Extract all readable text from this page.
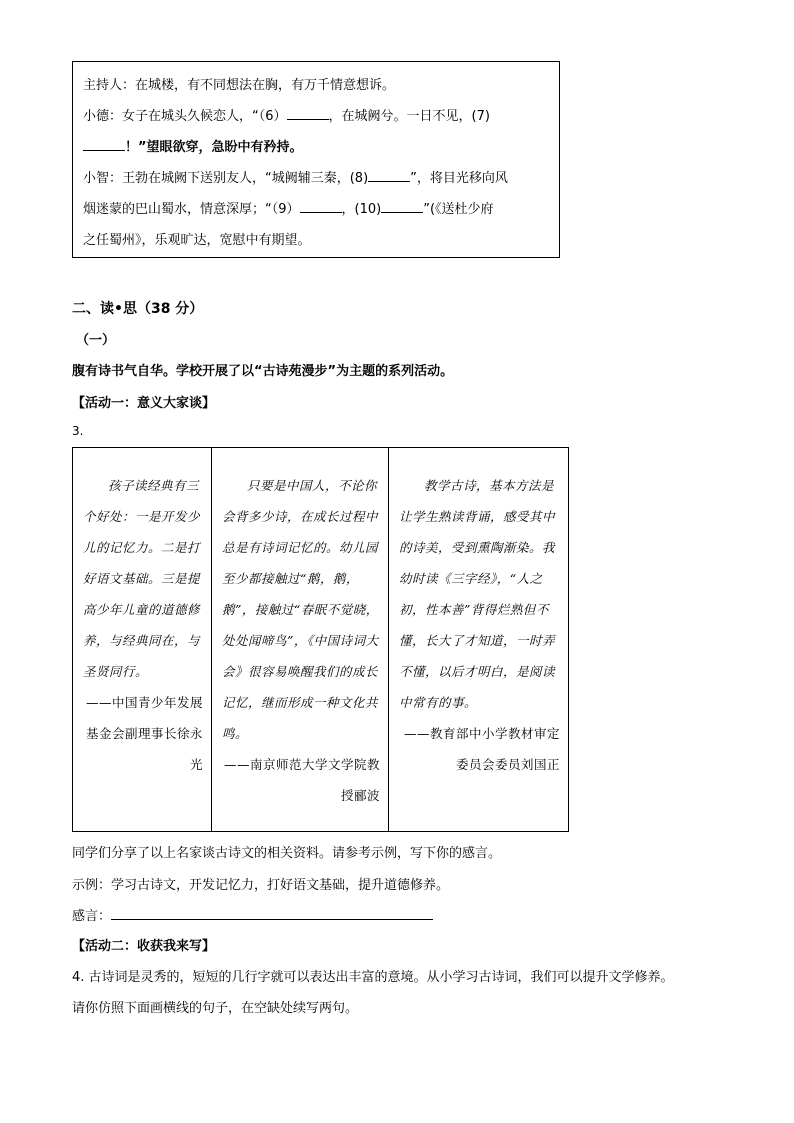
主持人：在城楼，有不同想法在胸，有万千情意想诉。

小德：女子在城头久候恋人，“（6）	，在城阙兮。一日不见，(7)

！”望眼欲穿，急盼中有矜持。

小智：王勃在城阙下送别友人，“城阙辅三秦，(8)	”，将目光移向风

烟迷蒙的巴山蜀水，情意深厚；“（9）	，(10)	”(《送杜少府

之任蜀州》，乐观旷达，宽慰中有期望。

二、读•思（38 分）
（一）
腹有诗书气自华。学校开展了以“古诗苑漫步”为主题的系列活动。
【活动一：意义大家谈】
3.
孩子读经典有三个好处：一是开发少儿的记忆力。二是打好语文基础。三是提高少年儿童的道德修养，与经典同在，与圣贤同行。
——中国青少年发展基金会副理事长徐永光

只要是中国人，不论你会背多少诗，在成长过程中总是有诗词记忆的。幼儿园至少都接触过“鹅，鹅，鹅”，接触过“春眠不觉晓，处处闻啼鸟”，《中国诗词大会》很容易唤醒我们的成长记忆，继而形成一种文化共鸣。
——南京师范大学文学院教授郦波

教学古诗，基本方法是让学生熟读背诵，感受其中的诗美，受到熏陶渐染。我幼时读《三字经》，“人之初，性本善”背得烂熟但不懂，长大了才知道，一时弄不懂，以后才明白，是阅读中常有的事。
——教育部中小学教材审定委员会委员刘国正
同学们分享了以上名家谈古诗文的相关资料。请参考示例，写下你的感言。
示例：学习古诗文，开发记忆力，打好语文基础，提升道德修养。
感言：
【活动二：收获我来写】
4. 古诗词是灵秀的，短短的几行字就可以表达出丰富的意境。从小学习古诗词，我们可以提升文学修养。
请你仿照下面画横线的句子，在空缺处续写两句。
